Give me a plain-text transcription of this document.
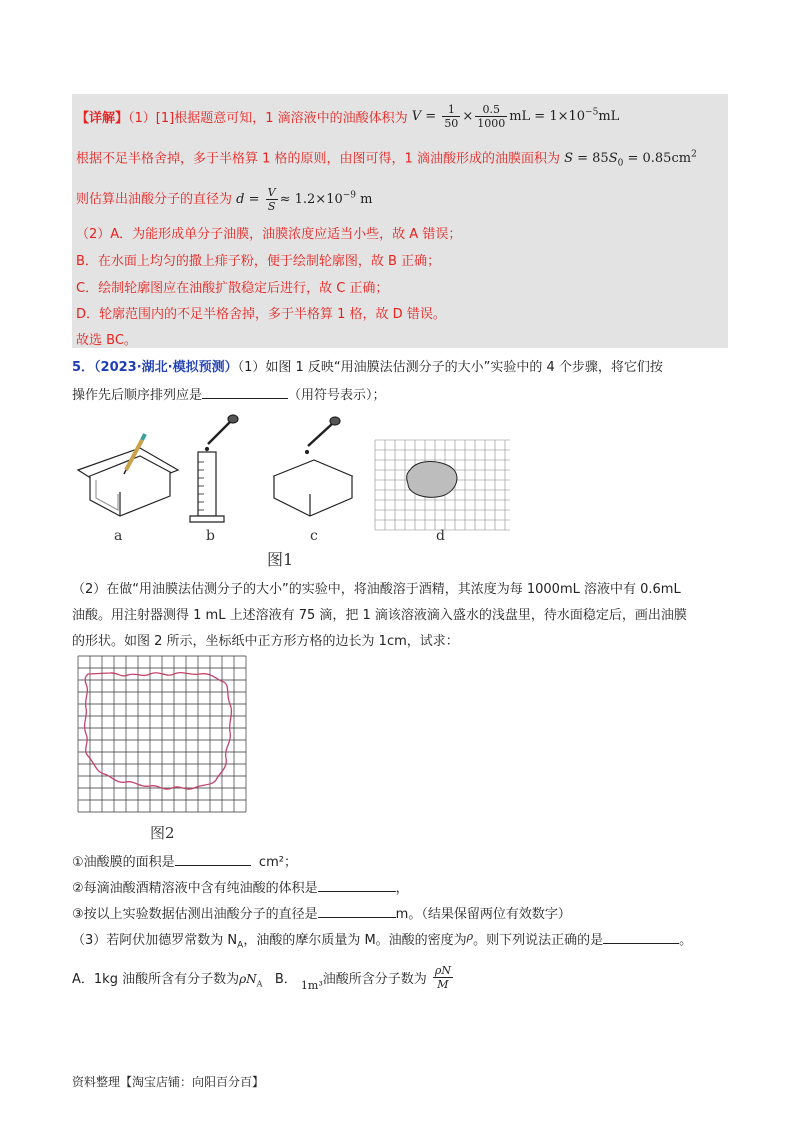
【详解】（1）[1]根据题意可知，1 滴溶液中的油酸体积为 $V = \frac{1}{50} \times \frac{0.5}{1000}$ mL = $1\times 10^{-5}mL$
根据不足半格舍掉，多于半格算 1 格的原则，由图可得，1 滴油酸形成的油膜面积为 $S = 85S_0 = 0.85cm^2$
则估算出油酸分子的直径为 $d = \frac{V}{S} \approx 1.2\times 10^{-9}$ m
（2）A．为能形成单分子油膜，油膜浓度应适当小些，故 A 错误；
B．在水面上均匀的撒上痱子粉，便于绘制轮廓图，故 B 正确；
C．绘制轮廓图应在油酸扩散稳定后进行，故 C 正确；
D．轮廓范围内的不足半格舍掉，多于半格算 1 格，故 D 错误。
故选 BC。
5．（2023·湖北·模拟预测）（1）如图 1 反映“用油膜法估测分子的大小”实验中的 4 个步骤，将它们按
操作先后顺序排列应是	（用符号表示）；
a	b	c	d
图1
（2）在做“用油膜法估测分子的大小”的实验中，将油酸溶于酒精，其浓度为每 1000mL 溶液中有 0.6mL
油酸。用注射器测得 1 mL 上述溶液有 75 滴，把 1 滴该溶液滴入盛水的浅盘里，待水面稳定后，画出油膜
的形状。如图 2 所示，坐标纸中正方形方格的边长为 1cm，试求：
图2
①油酸膜的面积是	cm²；
②每滴油酸酒精溶液中含有纯油酸的体积是	，
③按以上实验数据估测出油酸分子的直径是	m。（结果保留两位有效数字）
（3）若阿伏加德罗常数为 $N_A$，油酸的摩尔质量为 M。油酸的密度为$^\rho$。则下列说法正确的是	。
A．1kg 油酸所含有分子数为$\rho N_A$ B． $_{1m^3}$油酸所含分子数为 $\frac{\rho N}{M}$
资料整理【淘宝店铺：向阳百分百】
